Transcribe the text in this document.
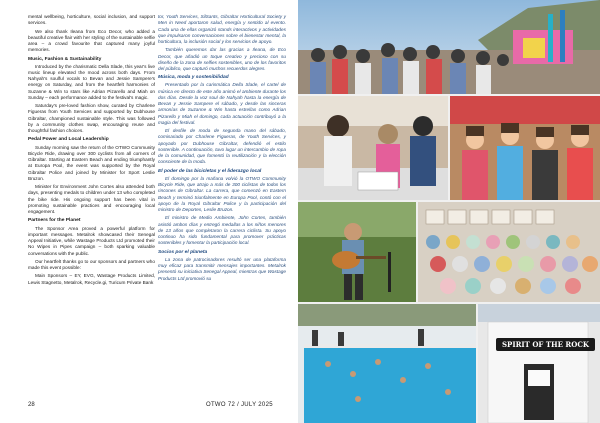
mental wellbeing, horticulture, social inclusion, and support services.

We also thank Ileana from Eco Decor, who added a beautiful creative flair with her styling of the sustainable selfie area – a crowd favourite that captured many joyful memories.

Music, Fashion & Sustainability

Introduced by the charismatic Della Slade, this year's live music lineup elevated the mood across both days. From Nahyah's soulful vocals to Bevan and Jessie Sampere's energy on Saturday, and from the heartfelt harmonies of Suzanne & Win to stars like Adrian Pizarello and Miah on Sunday – each performance added to the festival's magic.

Saturday's pre-loved fashion show, curated by Charlene Figueras from Youth Services and supported by Dubhouse Gibraltar, championed sustainable style. This was followed by a community clothes swap, encouraging reuse and thoughtful fashion choices.

Pedal Power and Local Leadership

Sunday morning saw the return of the OTWO Community Bicycle Ride, drawing over 300 cyclists from all corners of Gibraltar. Starting at Eastern Beach and ending triumphantly at Europa Pool, the event was supported by the Royal Gibraltar Police and joined by Minister for Sport Leslie Bruzon.

Minister for Environment John Cortes also attended both days, presenting medals to children under 13 who completed the bike ride. His ongoing support has been vital in promoting sustainable practices and encouraging local engagement.

Partners for the Planet

The Sponsor Area proved a powerful platform for important messages. Metalrok showcased their Senegal Appeal Initiative, while Wastage Products Ltd promoted their No Wipes in Pipes campaign – both sparking valuable conversations with the public.

Our heartfelt thanks go to our sponsors and partners who made this event possible:

Main Sponsors – EY, EVG, Wastage Products Limited, Lewis Stagnetto, Metalrok, Recycle.gi, Turicum Private Bank

tor, Youth Services, SilSants, Gibraltar Horticultural Society y Men in Need aportaron salud, energía y sentido al evento. Cada una de ellas organizó stands interactivos y actividades que impulsaron conversaciones sobre el bienestar mental, la horticultura, la inclusión social y los servicios de apoyo.

También queremos dar las gracias a Ileana, de Eco Decor, que añadió un toque creativo y precioso con su diseño de la zona de selfies sostenibles, uno de los favoritos del público, que capturó muchos recuerdos alegres.

Música, moda y sostenibilidad

Presentado por la carismática Della Slade, el cartel de música en directo de este año animó el ambiente durante los dos días. Desde la voz soul de Nahyah hasta la energía de Bevan y Jessie Sampere el sábado, y desde las sinceras armonías de Suzanne & Win hasta estrellas como Adrian Pizarello y Miah el domingo, cada actuación contribuyó a la magia del festival.

El desfile de moda de segunda mano del sábado, comisariado por Charlene Figueras, de Youth Services, y apoyado por Dubhouse Gibraltar, defendió el estilo sostenible. A continuación, tuvo lugar un intercambio de ropa de la comunidad, que fomentó la reutilización y la elección consciente de la moda.

El poder de las bicicletas y el liderazgo local

El domingo por la mañana volvió la OTWO Community Bicycle Ride, que atrajo a más de 300 ciclistas de todos los rincones de Gibraltar. La carrera, que comenzó en Eastern Beach y terminó triunfalmente en Europa Pool, contó con el apoyo de la Royal Gibraltar Police y la participación del ministro de Deportes, Leslie Bruzon.

El ministro de Medio Ambiente, John Cortes, también asistió ambos días y entregó medallas a los niños menores de 13 años que completaron la carrera ciclista. Su apoyo continuo ha sido fundamental para promover prácticas sostenibles y fomentar la participación local.

Socios por el planeta

La zona de patrocinadores resultó ser una plataforma muy eficaz para transmitir mensajes importantes. Metalrok presentó su iniciativa Senegal Appeal, mientras que Wastage Products Ltd promovió su

28	OTWO 72 / JULY 2025
SPIRIT OF THE ROCK
